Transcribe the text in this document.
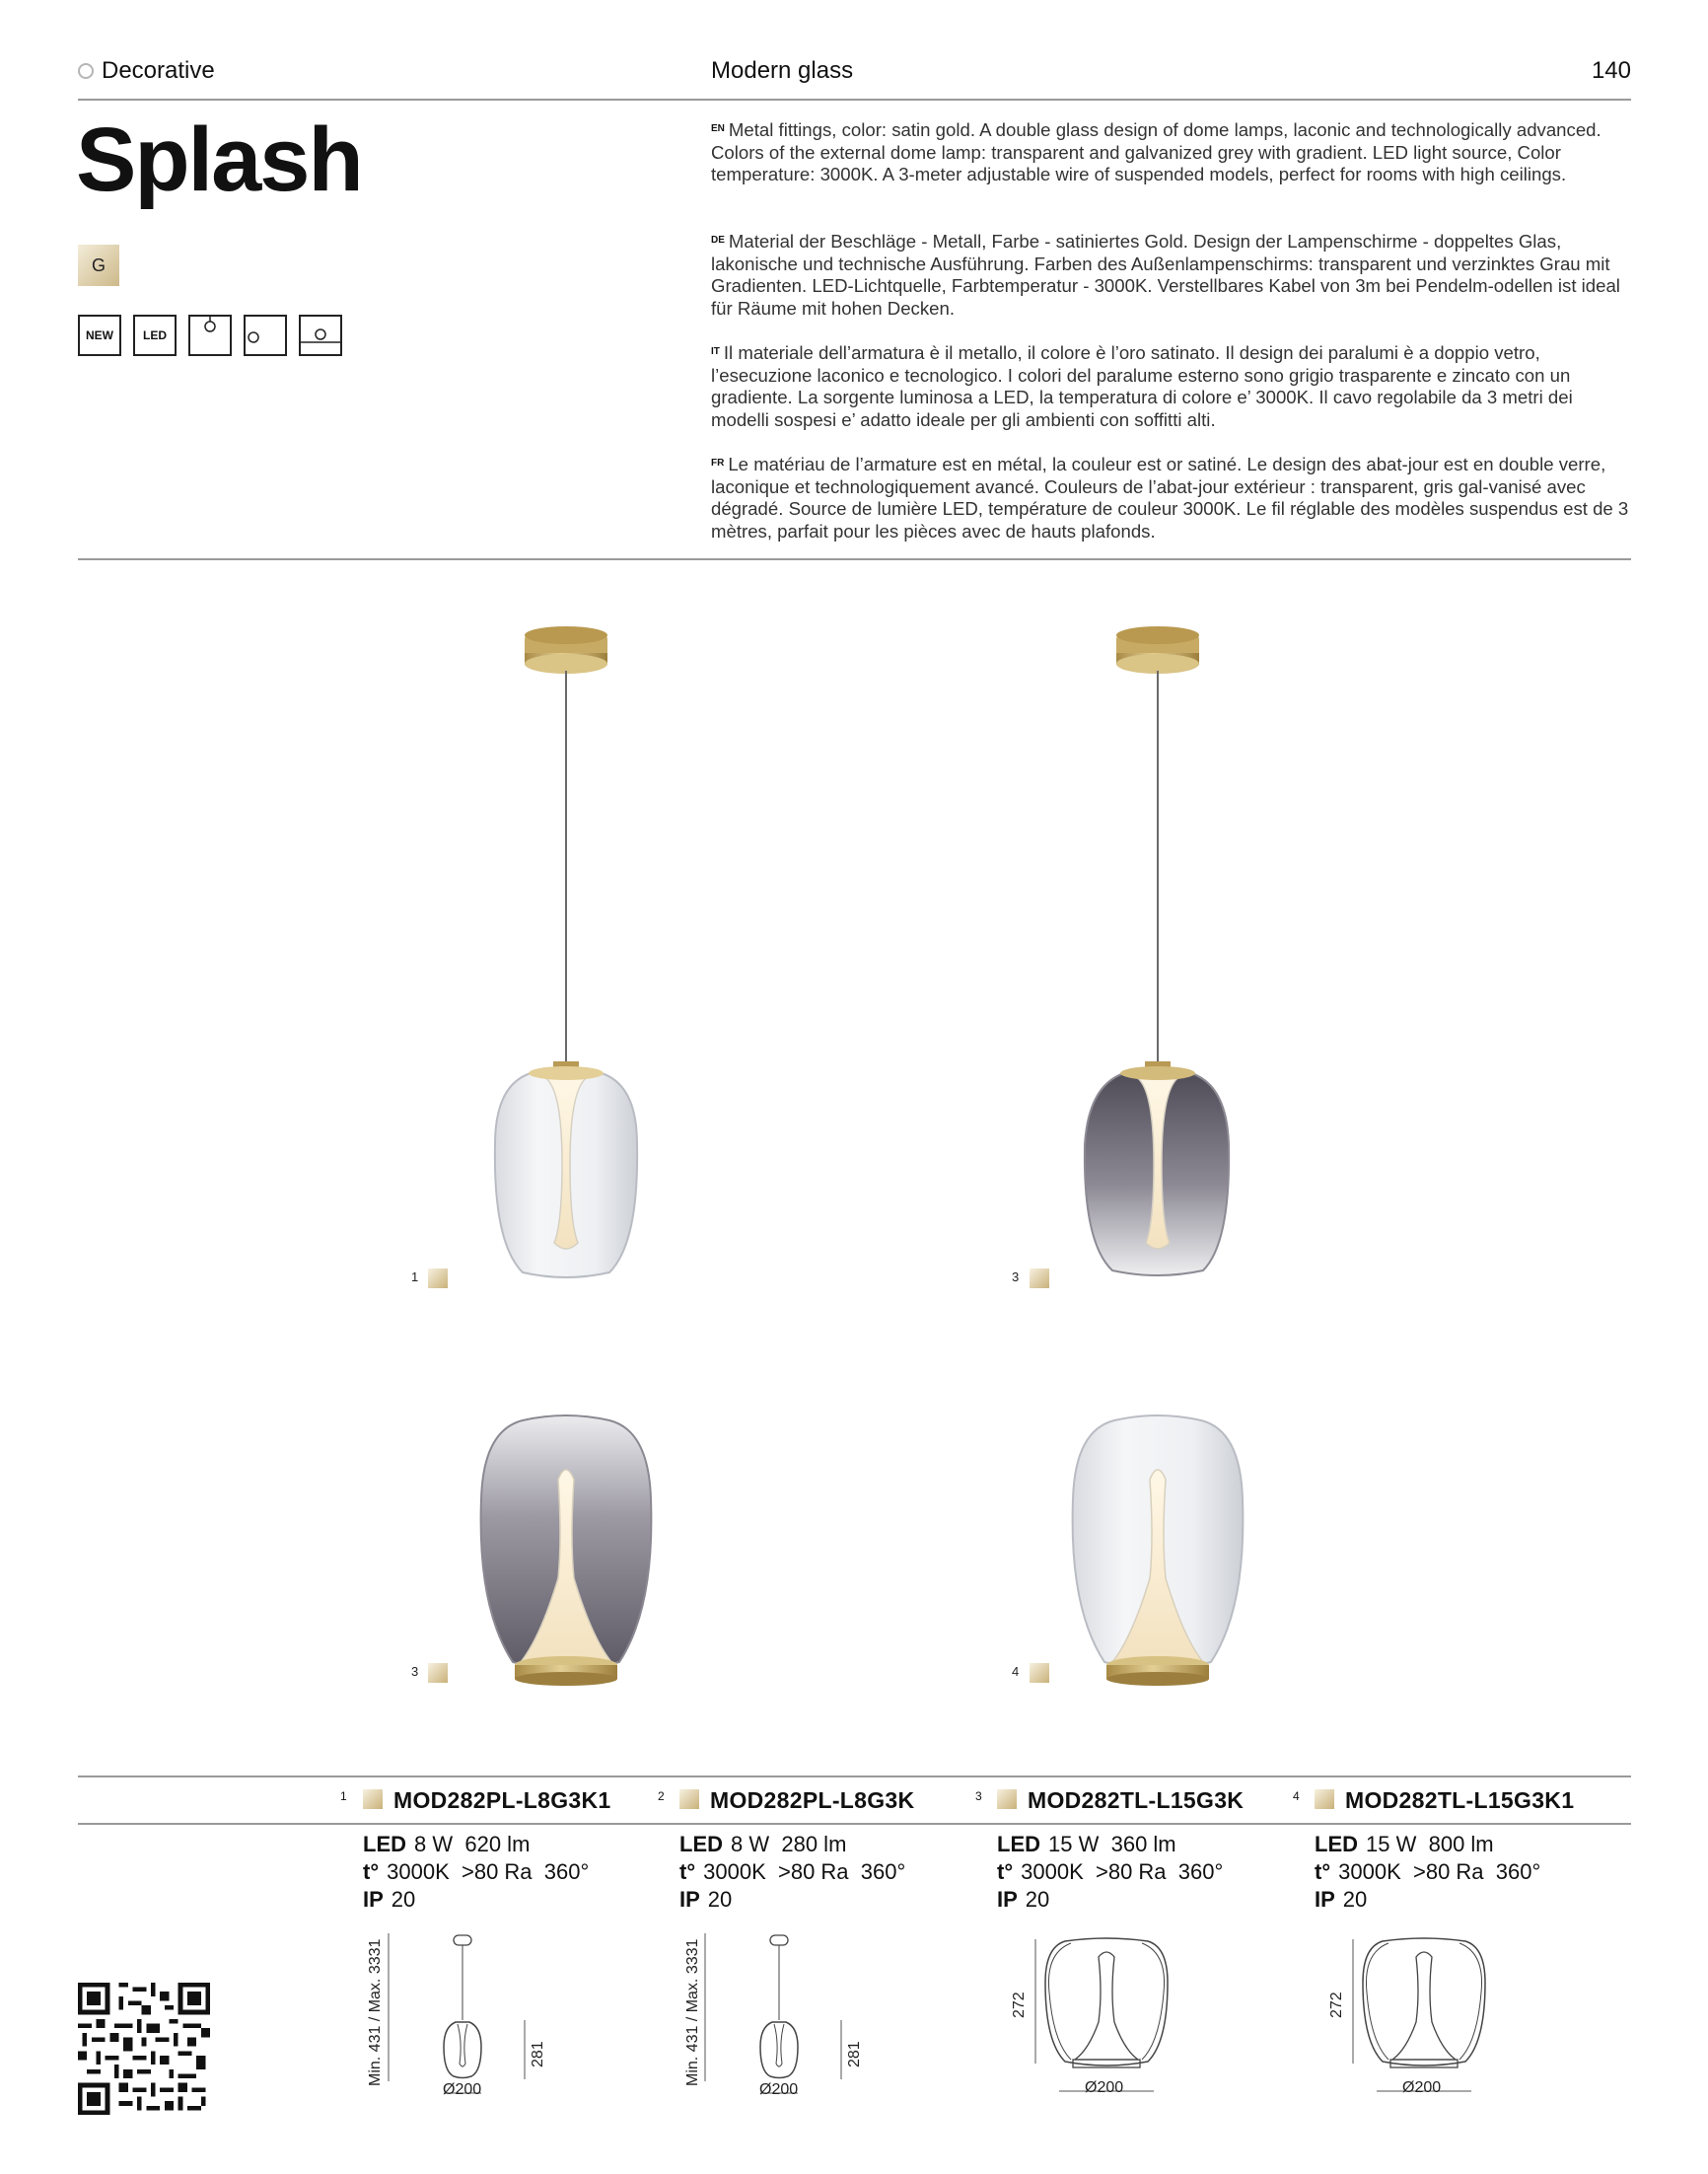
Decorative	Modern glass	140
Splash
G
NEW	LED
$^{EN}$ Metal fittings, color: satin gold. A double glass design of dome lamps, laconic and technologically advanced. Colors of the external dome lamp: transparent and galvanized grey with gradient. LED light source, Color temperature: 3000K. A 3-meter adjustable wire of suspended models, perfect for rooms with high ceilings.
$^{DE}$ Material der Beschläge - Metall, Farbe - satiniertes Gold. Design der Lampenschirme - doppeltes Glas, lakonische und technische Ausführung. Farben des Außenlampenschirms: transparent und verzinktes Grau mit Gradienten. LED-Lichtquelle, Farbtemperatur - 3000K. Verstellbares Kabel von 3m bei Pendelm-odellen ist ideal für Räume mit hohen Decken.
$^{IT}$ Il materiale dell’armatura è il metallo, il colore è l’oro satinato. Il design dei paralumi è a doppio vetro, l’esecuzione laconico e tecnologico. I colori del paralume esterno sono grigio trasparente e zincato con un gradiente. La sorgente luminosa a LED, la temperatura di colore e’ 3000K. Il cavo regolabile da 3 metri dei modelli sospesi e’ adatto ideale per gli ambienti con soffitti alti.
$^{FR}$ Le matériau de l’armature est en métal, la couleur est or satiné. Le design des abat-jour est en double verre, laconique et technologiquement avancé. Couleurs de l’abat-jour extérieur : transparent, gris gal-vanisé avec dégradé. Source de lumière LED, température de couleur 3000K. Le fil réglable des modèles suspendus est de 3 mètres, parfait pour les pièces avec de hauts plafonds.
1	3
3	4
1 MOD282PL-L8G3K1
LED 8 W 620 lm
t° 3000K >80 Ra 360°
IP 20
2 MOD282PL-L8G3K
LED 8 W 280 lm
t° 3000K >80 Ra 360°
IP 20
3 MOD282TL-L15G3K
LED 15 W 360 lm
t° 3000K >80 Ra 360°
IP 20
4 MOD282TL-L15G3K1
LED 15 W 800 lm
t° 3000K >80 Ra 360°
IP 20
Min. 431 / Max. 3331	281
Ø200
Min. 431 / Max. 3331	281
Ø200
272
Ø200
272
Ø200
